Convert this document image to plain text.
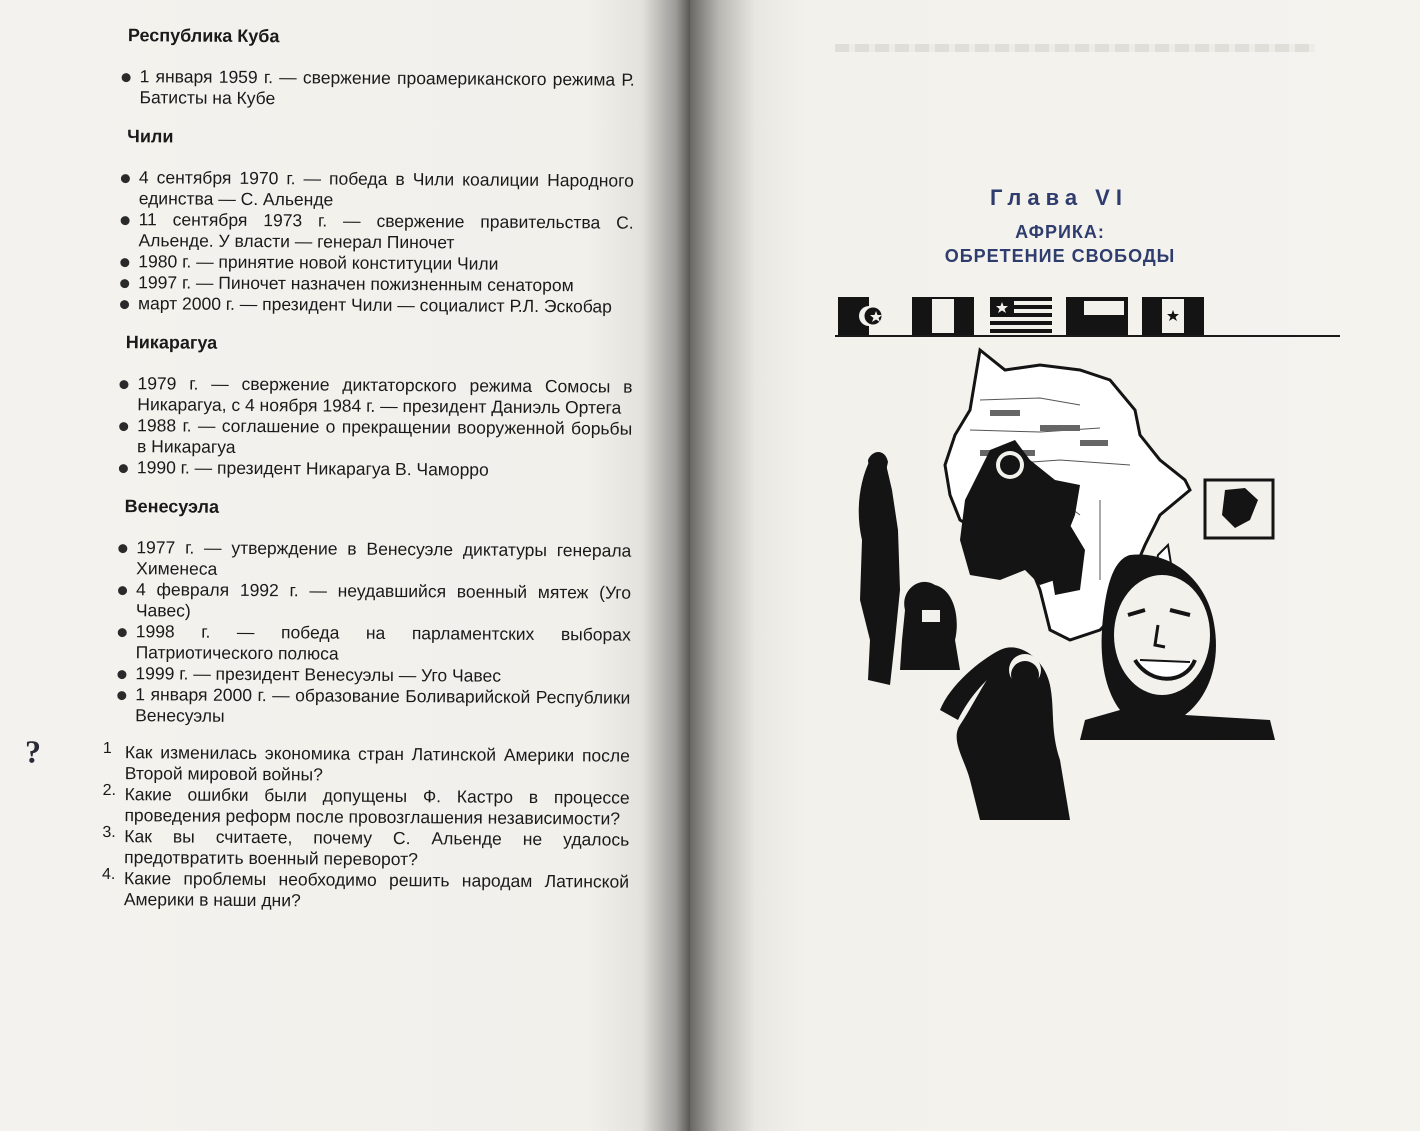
Республика Куба
1 января 1959 г. — свержение проамериканского режима Р. Батисты на Кубе
Чили
4 сентября 1970 г. — победа в Чили коалиции Народного единства — С. Альенде
11 сентября 1973 г. — свержение правительства С. Альенде. У власти — генерал Пиночет
1980 г. — принятие новой конституции Чили
1997 г. — Пиночет назначен пожизненным сенатором
март 2000 г. — президент Чили — социалист Р.Л. Эскобар
Никарагуа
1979 г. — свержение диктаторского режима Сомосы в Никарагуа, с 4 ноября 1984 г. — президент Даниэль Ортега
1988 г. — соглашение о прекращении вооруженной борьбы в Никарагуа
1990 г. — президент Никарагуа В. Чаморро
Венесуэла
1977 г. — утверждение в Венесуэле диктатуры генерала Хименеса
4 февраля 1992 г. — неудавшийся военный мятеж (Уго Чавес)
1998 г. — победа на парламентских выборах Патриотического полюса
1999 г. — президент Венесуэлы — Уго Чавес
1 января 2000 г. — образование Боливарийской Республики Венесуэлы
?	1 Как изменилась экономика стран Латинской Америки после Второй мировой войны?
2. Какие ошибки были допущены Ф. Кастро в процессе проведения реформ после провозглашения независимости?
3. Как вы считаете, почему С. Альенде не удалось предотвратить военный переворот?
4. Какие проблемы необходимо решить народам Латинской Америки в наши дни?
Глава VI
АФРИКА:
ОБРЕТЕНИЕ СВОБОДЫ
